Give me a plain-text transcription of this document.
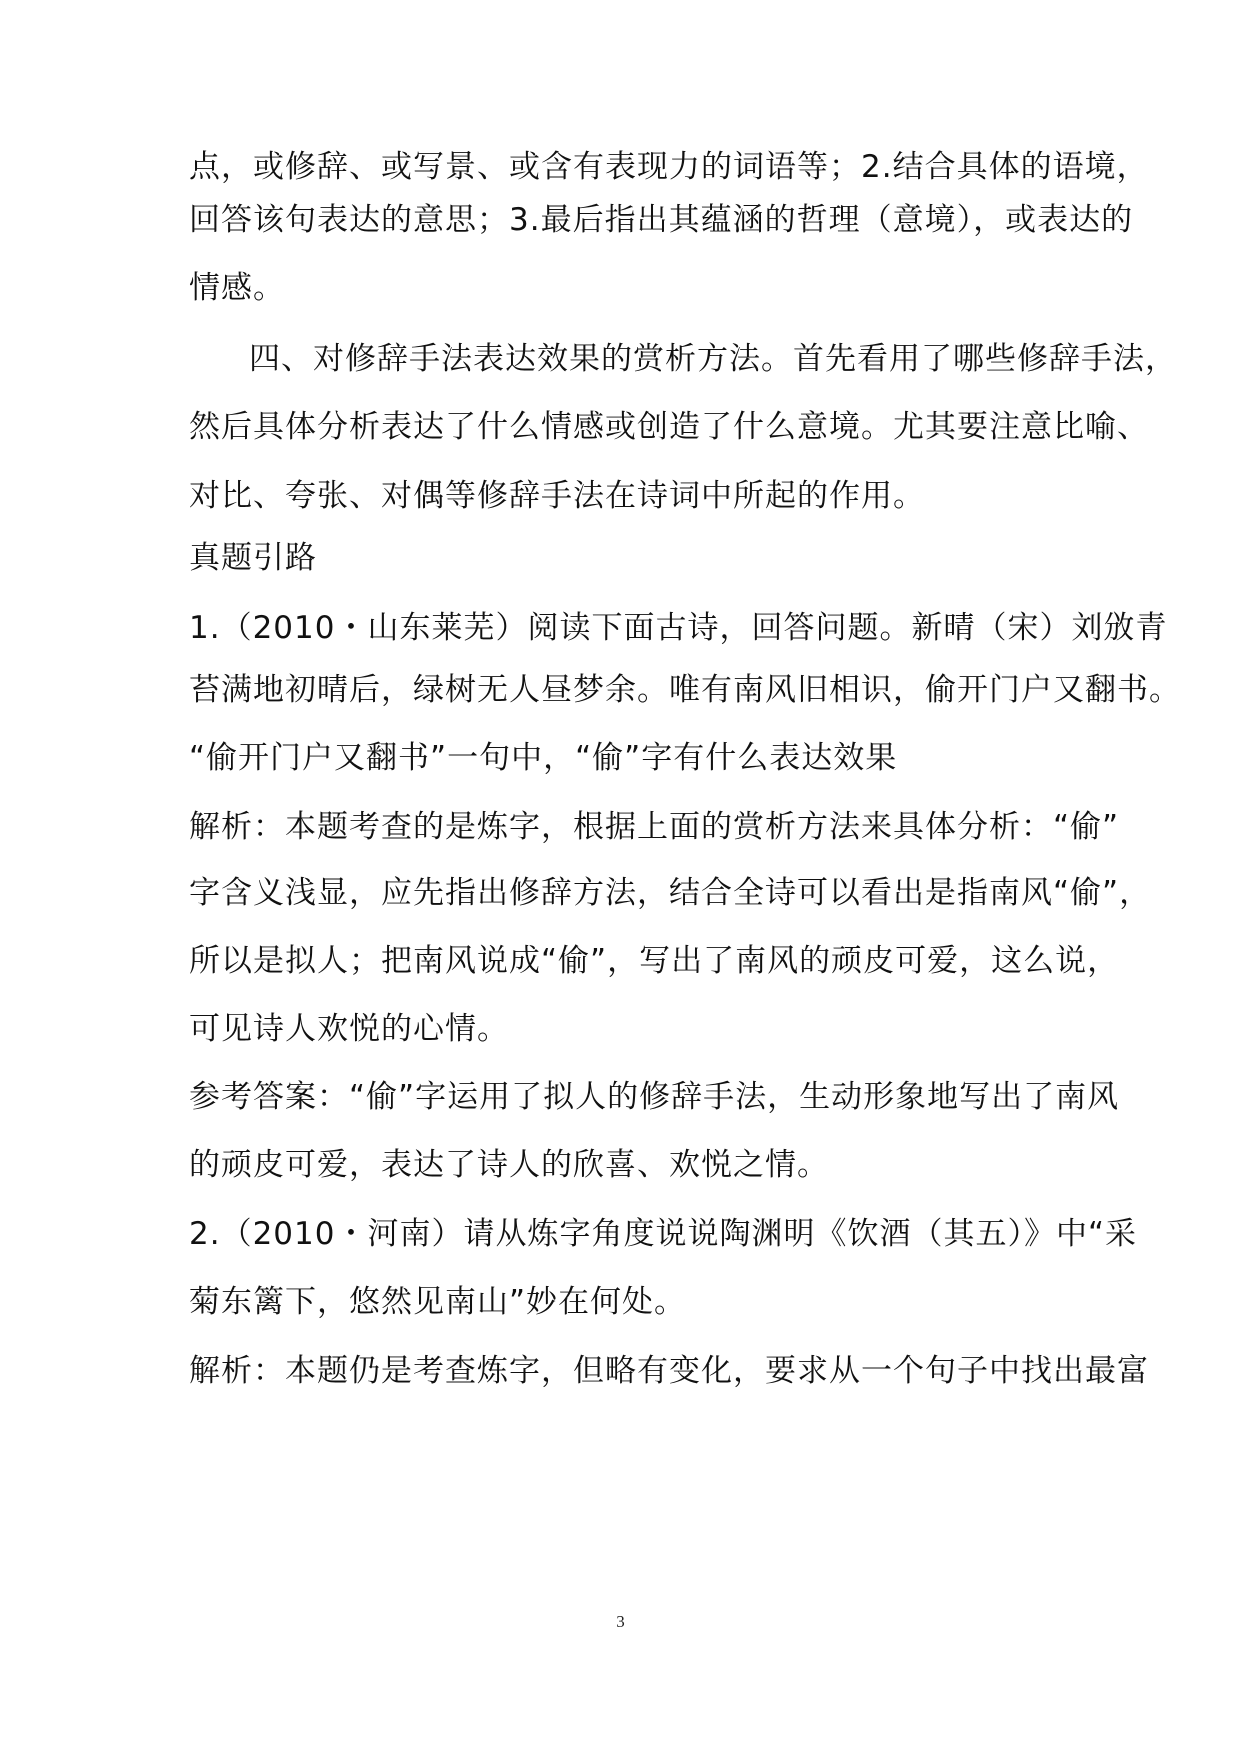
点，或修辞、或写景、或含有表现力的词语等；2.结合具体的语境，
回答该句表达的意思；3.最后指出其蕴涵的哲理（意境），或表达的
情感。
四、对修辞手法表达效果的赏析方法。首先看用了哪些修辞手法，
然后具体分析表达了什么情感或创造了什么意境。尤其要注意比喻、
对比、夸张、对偶等修辞手法在诗词中所起的作用。
真题引路
1.（2010・山东莱芜）阅读下面古诗，回答问题。新晴（宋）刘攽青
苔满地初晴后，绿树无人昼梦余。唯有南风旧相识，偷开门户又翻书。
“偷开门户又翻书”一句中，“偷”字有什么表达效果
解析：本题考查的是炼字，根据上面的赏析方法来具体分析：“偷”
字含义浅显，应先指出修辞方法，结合全诗可以看出是指南风“偷”，
所以是拟人；把南风说成“偷”，写出了南风的顽皮可爱，这么说，
可见诗人欢悦的心情。
参考答案：“偷”字运用了拟人的修辞手法，生动形象地写出了南风
的顽皮可爱，表达了诗人的欣喜、欢悦之情。
2.（2010・河南）请从炼字角度说说陶渊明《饮酒（其五）》中“采
菊东篱下，悠然见南山”妙在何处。
解析：本题仍是考查炼字，但略有变化，要求从一个句子中找出最富
3
